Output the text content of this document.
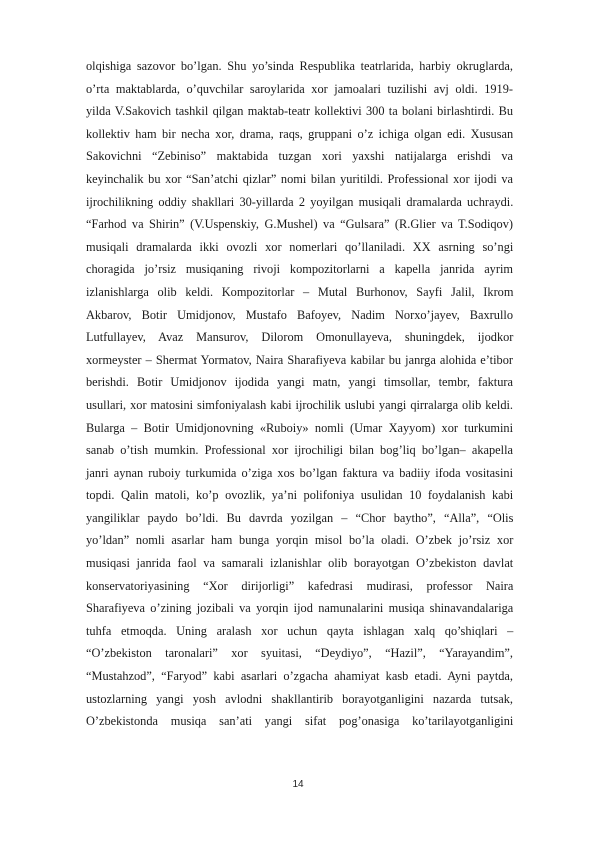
olqishiga sazovor bo’lgan. Shu yo’sinda Respublika teatrlarida, harbiy okruglarda,
o’rta maktablarda, o’quvchilar saroylarida xor jamoalari tuzilishi avj oldi. 1919-
yilda V.Sakovich tashkil qilgan maktab-teatr kollektivi 300 ta bolani birlashtirdi. Bu
kollektiv ham bir necha xor, drama, raqs, gruppani o’z ichiga olgan edi. Xususan
Sakovichni “Zebiniso” maktabida tuzgan xori yaxshi natijalarga erishdi va
keyinchalik bu xor “San’atchi qizlar” nomi bilan yuritildi. Professional xor ijodi va
ijrochilikning oddiy shakllari 30-yillarda 2 yoyilgan musiqali dramalarda uchraydi.
“Farhod va Shirin” (V.Uspenskiy, G.Mushel) va “Gulsara” (R.Glier va T.Sodiqov)
musiqali dramalarda ikki ovozli xor nomerlari qo’llaniladi. XX asrning so’ngi
choragida jo’rsiz musiqaning rivoji kompozitorlarni a kapella janrida ayrim
izlanishlarga olib keldi. Kompozitorlar – Mutal Burhonov, Sayfi Jalil, Ikrom
Akbarov, Botir Umidjonov, Mustafo Bafoyev, Nadim Norxo’jayev, Baxrullo
Lutfullayev, Avaz Mansurov, Dilorom Omonullayeva, shuningdek, ijodkor
xormeyster – Shermat Yormatov, Naira Sharafiyeva kabilar bu janrga alohida e’tibor
berishdi. Botir Umidjonov ijodida yangi matn, yangi timsollar, tembr, faktura
usullari, xor matosini simfoniyalash kabi ijrochilik uslubi yangi qirralarga olib keldi.
Bularga – Botir Umidjonovning «Ruboiy» nomli (Umar Xayyom) xor turkumini
sanab o’tish mumkin. Professional xor ijrochiligi bilan bog’liq bo’lgan– akapella
janri aynan ruboiy turkumida o’ziga xos bo’lgan faktura va badiiy ifoda vositasini
topdi. Qalin matoli, ko’p ovozlik, ya’ni polifoniya usulidan 10 foydalanish kabi
yangiliklar paydo bo’ldi. Bu davrda yozilgan – “Chor baytho”, “Alla”, “Olis
yo’ldan” nomli asarlar ham bunga yorqin misol bo’la oladi. O’zbek jo’rsiz xor
musiqasi janrida faol va samarali izlanishlar olib borayotgan O’zbekiston davlat
konservatoriyasining “Xor dirijorligi” kafedrasi mudirasi, professor Naira
Sharafiyeva o’zining jozibali va yorqin ijod namunalarini musiqa shinavandalariga
tuhfa etmoqda. Uning aralash xor uchun qayta ishlagan xalq qo’shiqlari –
“O’zbekiston taronalari” xor syuitasi, “Deydiyo”, “Hazil”, “Yarayandim”,
“Mustahzod”, “Faryod” kabi asarlari o’zgacha ahamiyat kasb etadi. Ayni paytda,
ustozlarning yangi yosh avlodni shakllantirib borayotganligini nazarda tutsak,
O’zbekistonda musiqa san’ati yangi sifat pog’onasiga ko’tarilayotganligini
14
